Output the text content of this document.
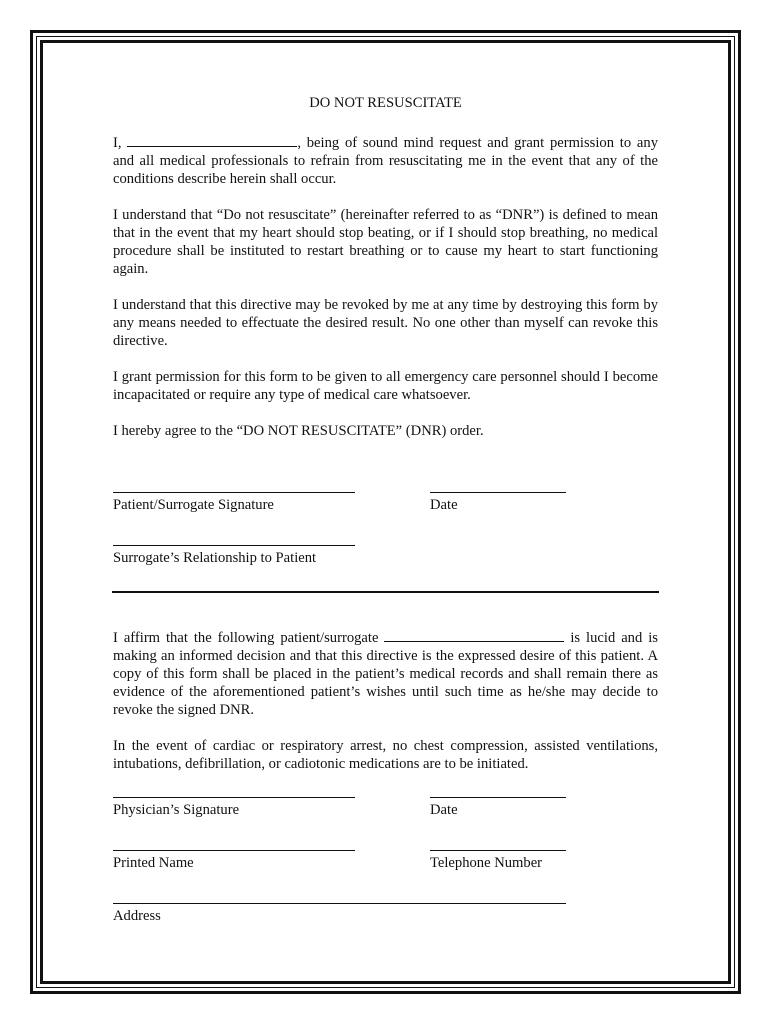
DO NOT RESUSCITATE

I,	, being of sound mind request and grant permission to any and all medical professionals to refrain from resuscitating me in the event that any of the conditions describe herein shall occur.

I understand that “Do not resuscitate” (hereinafter referred to as “DNR”) is defined to mean that in the event that my heart should stop beating, or if I should stop breathing, no medical procedure shall be instituted to restart breathing or to cause my heart to start functioning again.

I understand that this directive may be revoked by me at any time by destroying this form by any means needed to effectuate the desired result. No one other than myself can revoke this directive.

I grant permission for this form to be given to all emergency care personnel should I become incapacitated or require any type of medical care whatsoever.

I hereby agree to the “DO NOT RESUSCITATE” (DNR) order.

Patient/Surrogate Signature	Date
Surrogate’s Relationship to Patient

I affirm that the following patient/surrogate	is lucid and is making an informed decision and that this directive is the expressed desire of this patient. A copy of this form shall be placed in the patient’s medical records and shall remain there as evidence of the aforementioned patient’s wishes until such time as he/she may decide to revoke the signed DNR.

In the event of cardiac or respiratory arrest, no chest compression, assisted ventilations, intubations, defibrillation, or cadiotonic medications are to be initiated.

Physician’s Signature	Date
Printed Name	Telephone Number
Address
